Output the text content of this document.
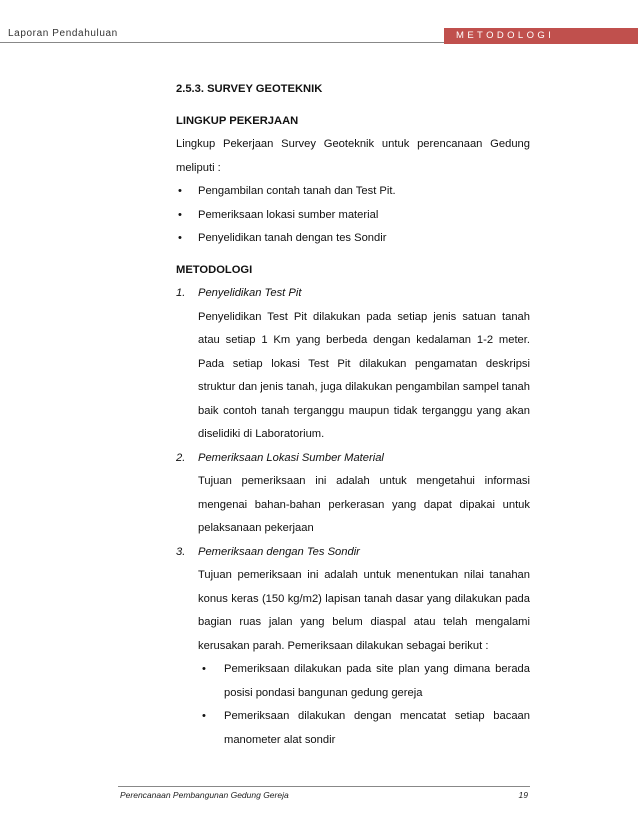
Laporan Pendahuluan	METODOLOGI
2.5.3. SURVEY GEOTEKNIK
LINGKUP PEKERJAAN

Lingkup Pekerjaan Survey Geoteknik untuk perencanaan Gedung meliputi :

• Pengambilan contah tanah dan Test Pit.
• Pemeriksaan lokasi sumber material
• Penyelidikan tanah dengan tes Sondir
METODOLOGI
1. Penyelidikan Test Pit

Penyelidikan Test Pit dilakukan pada setiap jenis satuan tanah atau setiap 1 Km yang berbeda dengan kedalaman 1-2 meter. Pada setiap lokasi Test Pit dilakukan pengamatan deskripsi struktur dan jenis tanah, juga dilakukan pengambilan sampel tanah baik contoh tanah terganggu maupun tidak terganggu yang akan diselidiki di Laboratorium.

2. Pemeriksaan Lokasi Sumber Material

Tujuan pemeriksaan ini adalah untuk mengetahui informasi mengenai bahan-bahan perkerasan yang dapat dipakai untuk pelaksanaan pekerjaan

3. Pemeriksaan dengan Tes Sondir

Tujuan pemeriksaan ini adalah untuk menentukan nilai tanahan konus keras (150 kg/m2) lapisan tanah dasar yang dilakukan pada bagian ruas jalan yang belum diaspal atau telah mengalami kerusakan parah. Pemeriksaan dilakukan sebagai berikut :

• Pemeriksaan dilakukan pada site plan yang dimana berada posisi pondasi bangunan gedung gereja
• Pemeriksaan dilakukan dengan mencatat setiap bacaan manometer alat sondir
Perencanaan Pembangunan Gedung Gereja	19
